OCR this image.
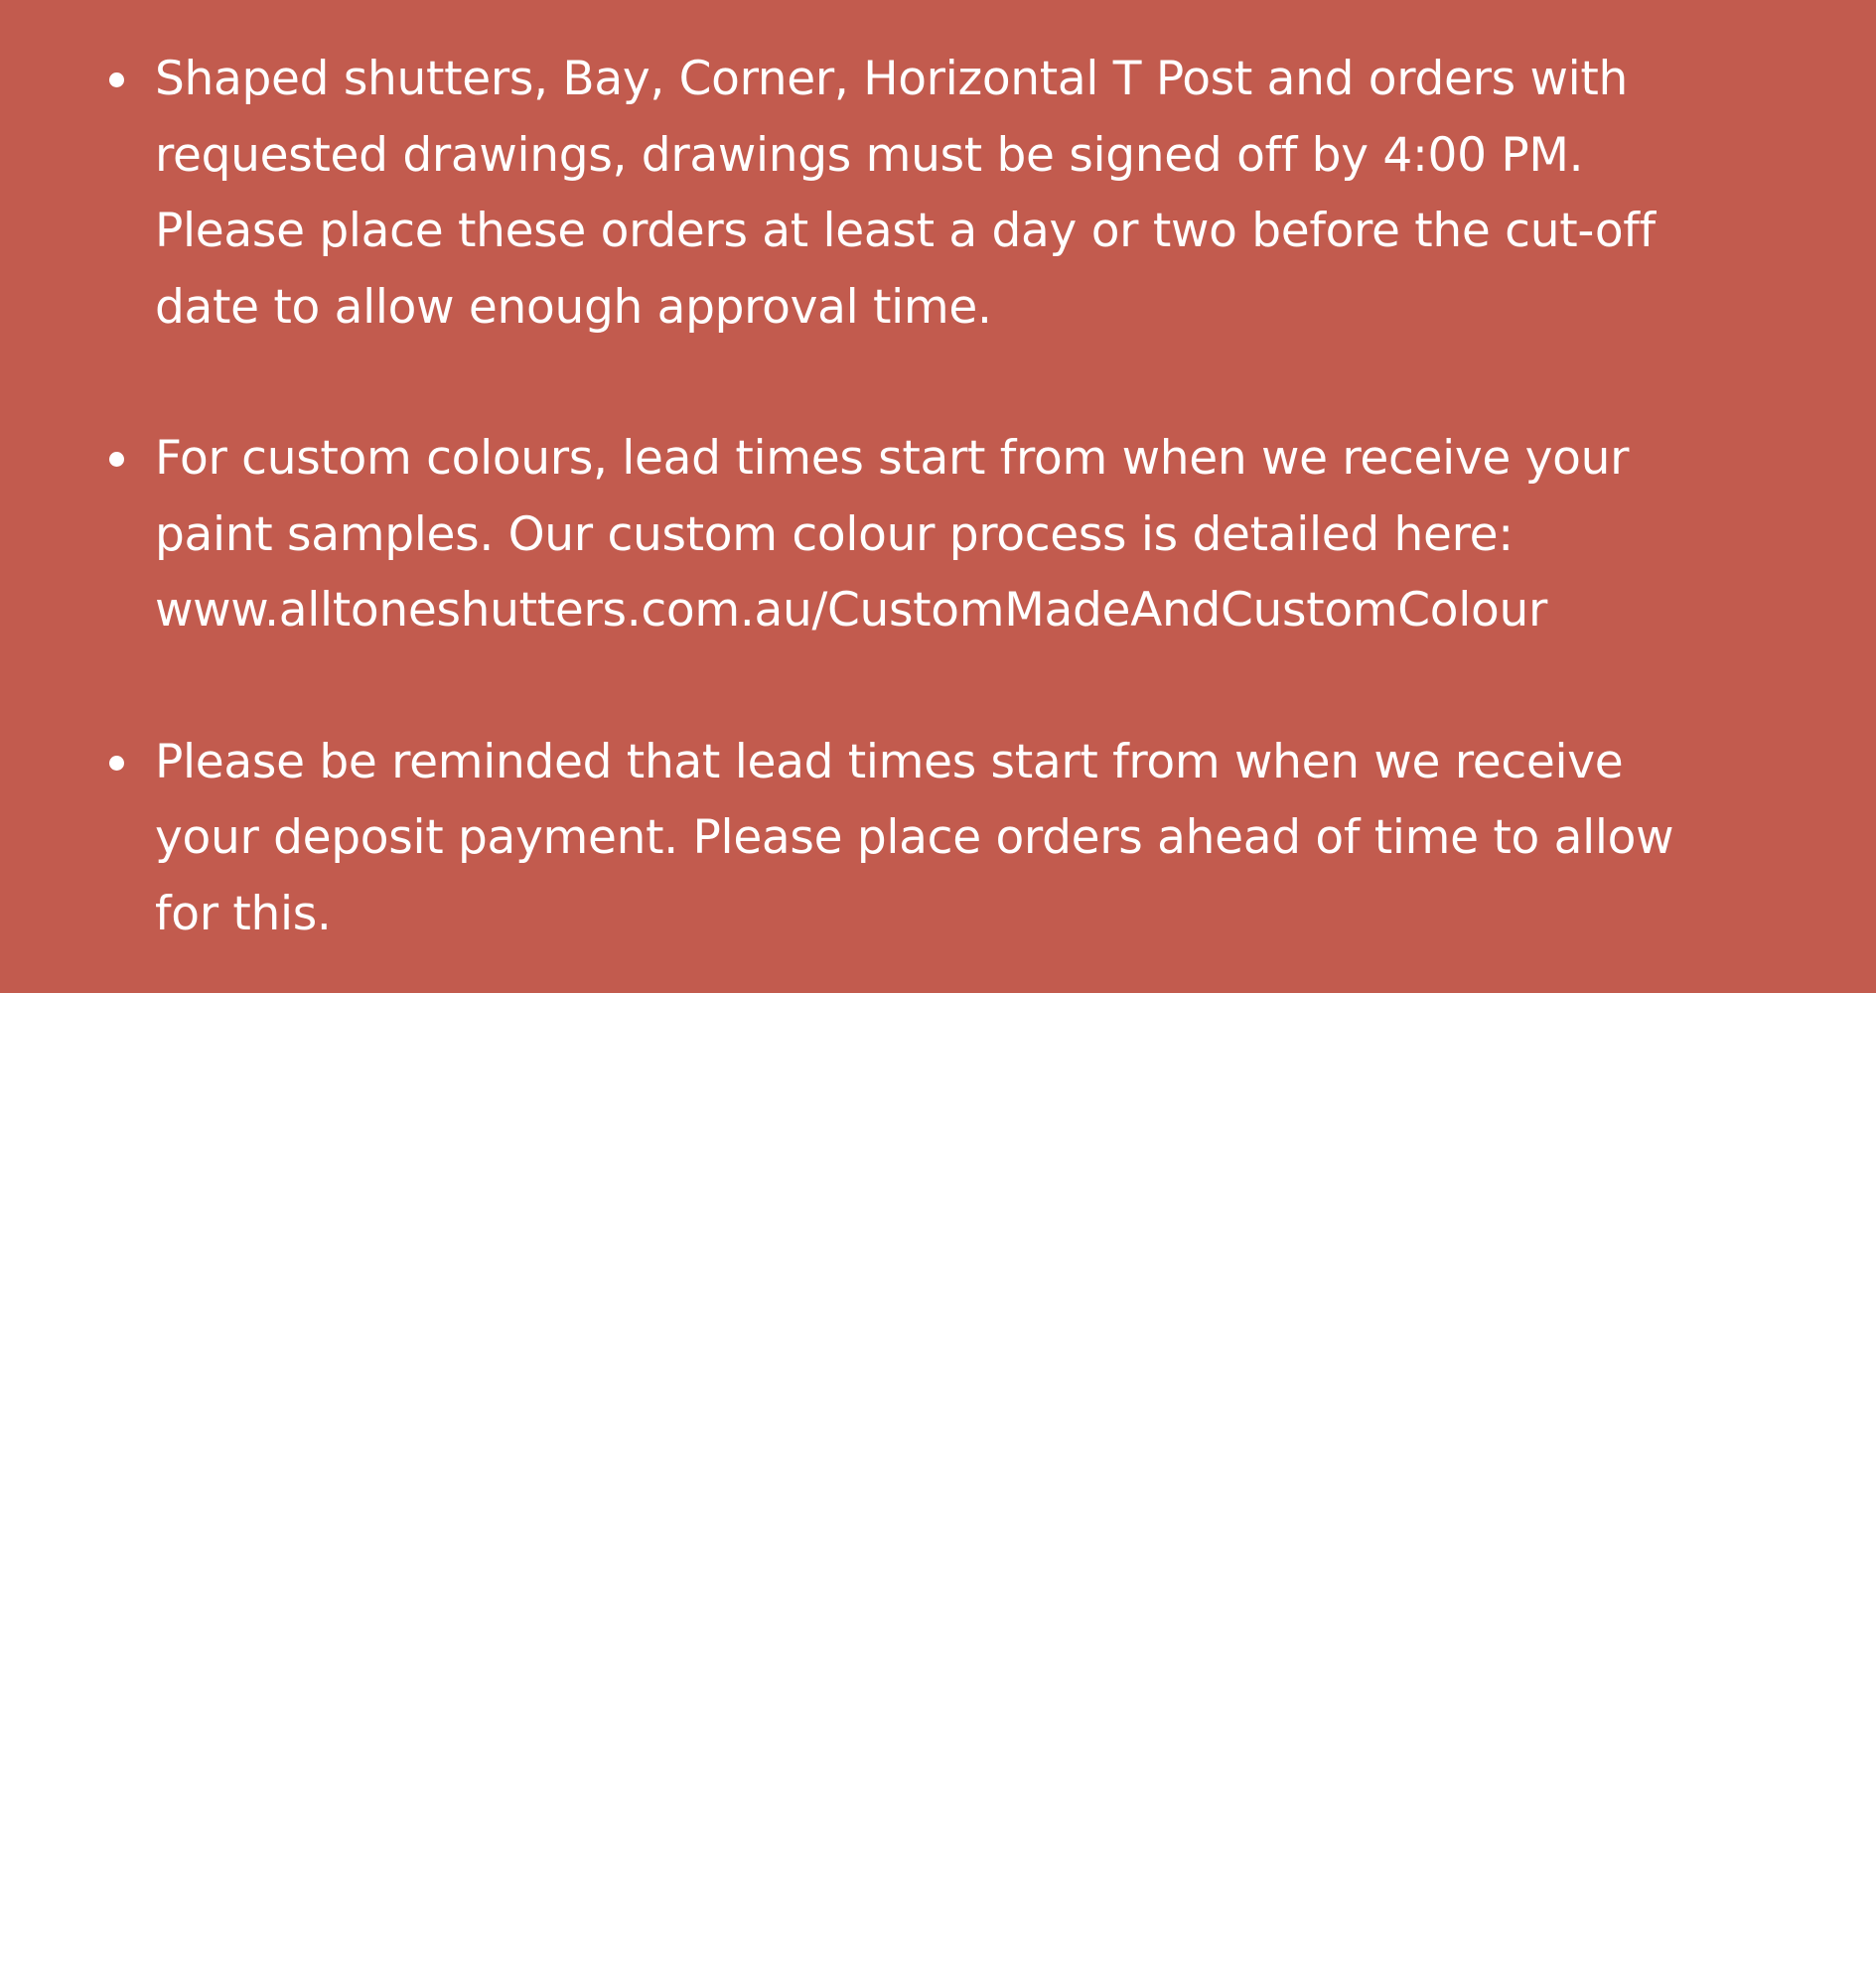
Shaped shutters, Bay, Corner, Horizontal T Post and orders with
requested drawings, drawings must be signed off by 4:00 PM.
Please place these orders at least a day or two before the cut-off
date to allow enough approval time.
For custom colours, lead times start from when we receive your
paint samples. Our custom colour process is detailed here:
www.alltoneshutters.com.au/CustomMadeAndCustomColour
Please be reminded that lead times start from when we receive
your deposit payment. Please place orders ahead of time to allow
for this.
